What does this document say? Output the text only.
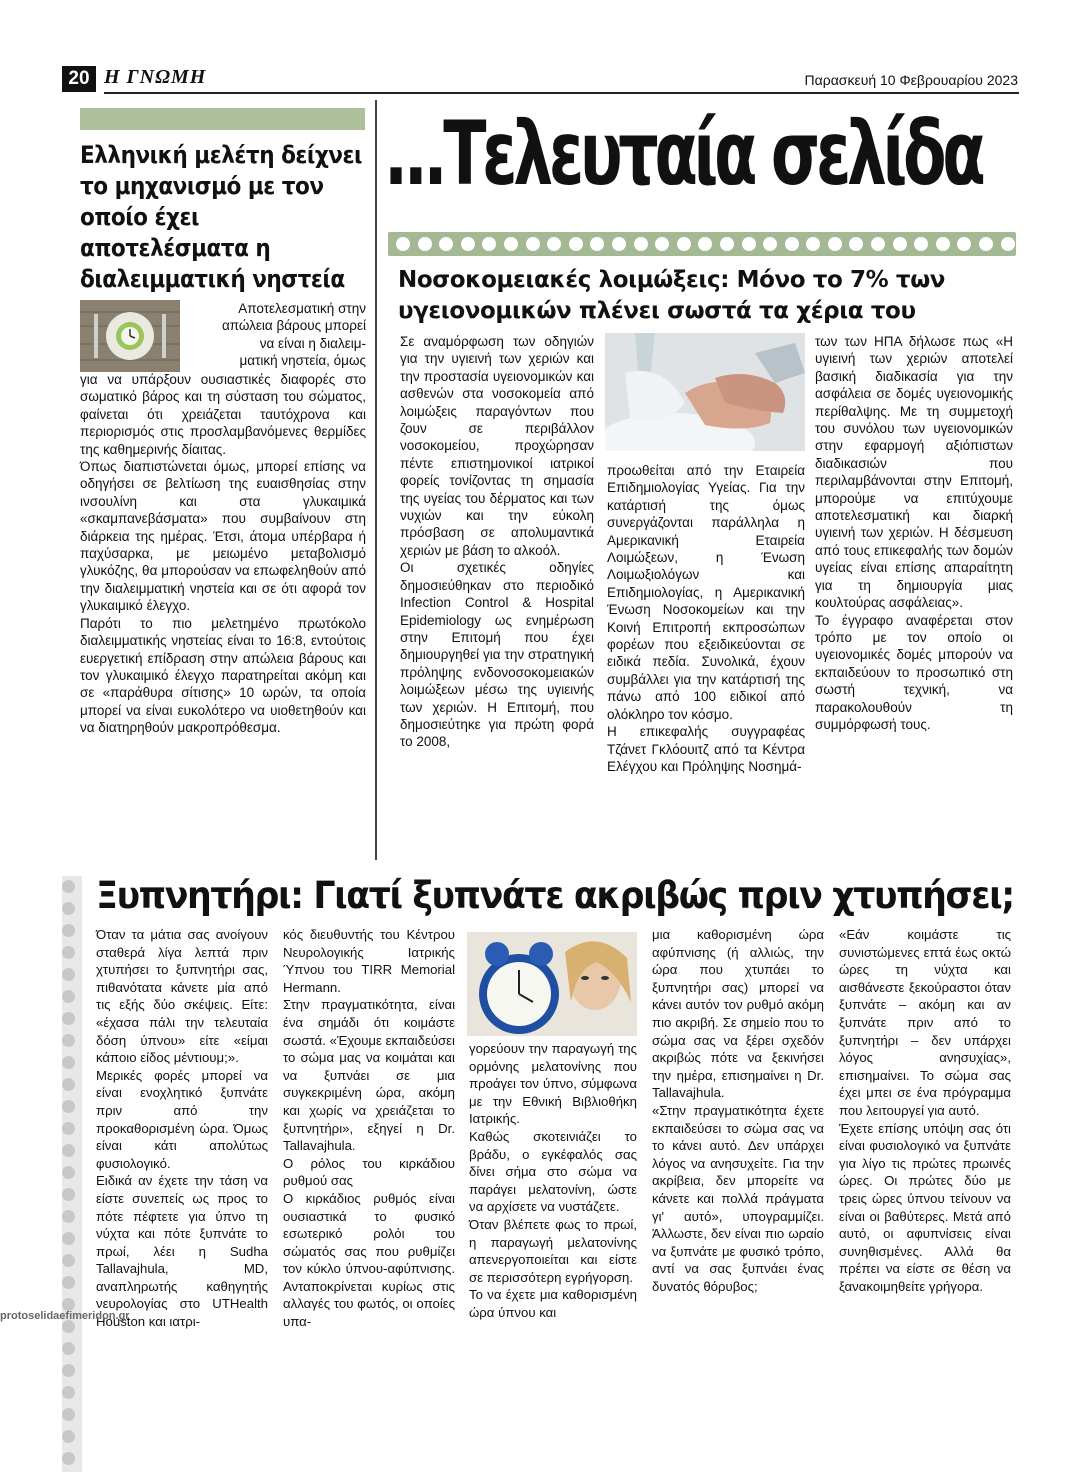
20 Η ΓΝΩΜΗ	Παρασκευή 10 Φεβρουαρίου 2023
Ελληνική μελέτη δείχνει το μηχανισμό με τον οποίο έχει αποτελέσματα η διαλειμματική νηστεία
Αποτελεσματική στην
απώλεια βάρους μπορεί
να είναι η διαλειμ-
ματική νηστεία, όμως

για να υπάρξουν ουσιαστικές διαφορές στο σωματικό βάρος και τη σύσταση του σώματος, φαίνεται ότι χρειάζεται ταυτόχρονα και περιορισμός στις προσλαμβανόμενες θερμίδες της καθημερινής δίαιτας.

Όπως διαπιστώνεται όμως, μπορεί επίσης να οδηγήσει σε βελτίωση της ευαισθησίας στην ινσουλίνη και στα γλυκαιμικά «σκαμπανεβάσματα» που συμβαίνουν στη διάρκεια της ημέρας. Έτσι, άτομα υπέρβαρα ή παχύσαρκα, με μειωμένο μεταβολισμό γλυκόζης, θα μπορούσαν να επωφεληθούν από την διαλειμματική νηστεία και σε ότι αφορά τον γλυκαιμικό έλεγχο.

Παρότι το πιο μελετημένο πρωτόκολο διαλειμματικής νηστείας είναι το 16:8, εντούτοις ευεργετική επίδραση στην απώλεια βάρους και τον γλυκαιμικό έλεγχο παρατηρείται ακόμη και σε «παράθυρα σίτισης» 10 ωρών, τα οποία μπορεί να είναι ευκολότερο να υιοθετηθούν και να διατηρηθούν μακροπρόθεσμα.

...Τελευταία σελίδα
Νοσοκομειακές λοιμώξεις: Μόνο το 7% των υγειονομικών πλένει σωστά τα χέρια του

Σε αναμόρφωση των οδηγιών για την υγιεινή των χεριών και την προστασία υγειονομικών και ασθενών στα νοσοκομεία από λοιμώξεις παραγόντων που ζουν σε περιβάλλον νοσοκομείου, προχώρησαν πέντε επιστημονικοί ιατρικοί φορείς τονίζοντας τη σημασία της υγείας του δέρματος και των νυχιών και την εύκολη πρόσβαση σε απολυμαντικά χεριών με βάση το αλκοόλ.

Οι σχετικές οδηγίες δημοσιεύθηκαν στο περιοδικό Infection Control & Hospital Epidemiology ως ενημέρωση στην Επιτομή που έχει δημιουργηθεί για την στρατηγική πρόληψης ενδονοσοκομειακών λοιμώξεων μέσω της υγιεινής των χεριών. Η Επιτομή, που δημοσιεύτηκε για πρώτη φορά το 2008,

προωθείται από την Εταιρεία Επιδημιολογίας Υγείας. Για την κατάρτισή της όμως συνεργάζονται παράλληλα η Αμερικανική Εταιρεία Λοιμώξεων, η Ένωση Λοιμωξιολόγων και Επιδημιολογίας, η Αμερικανική Ένωση Νοσοκομείων και την Κοινή Επιτροπή εκπροσώπων φορέων που εξειδικεύονται σε ειδικά πεδία. Συνολικά, έχουν συμβάλλει για την κατάρτισή της πάνω από 100 ειδικοί από ολόκληρο τον κόσμο.

Η επικεφαλής συγγραφέας Τζάνετ Γκλόουιτζ από τα Κέντρα Ελέγχου και Πρόληψης Νοσημά-

των των ΗΠΑ δήλωσε πως «Η υγιεινή των χεριών αποτελεί βασική διαδικασία για την ασφάλεια σε δομές υγειονομικής περίθαλψης. Με τη συμμετοχή του συνόλου των υγειονομικών στην εφαρμογή αξιόπιστων διαδικασιών που περιλαμβάνονται στην Επιτομή, μπορούμε να επιτύχουμε αποτελεσματική και διαρκή υγιεινή των χεριών. Η δέσμευση από τους επικεφαλής των δομών υγείας είναι επίσης απαραίτητη για τη δημιουργία μιας κουλτούρας ασφάλειας».

Το έγγραφο αναφέρεται στον τρόπο με τον οποίο οι υγειονομικές δομές μπορούν να εκπαιδεύουν το προσωπικό στη σωστή τεχνική, να παρακολουθούν τη συμμόρφωσή τους.

Ξυπνητήρι: Γιατί ξυπνάτε ακριβώς πριν χτυπήσει;

Όταν τα μάτια σας ανοίγουν σταθερά λίγα λεπτά πριν χτυπήσει το ξυπνητήρι σας, πιθανότατα κάνετε μία από τις εξής δύο σκέψεις. Είτε: «έχασα πάλι την τελευταία δόση ύπνου» είτε «είμαι κάποιο είδος μέντιουμ;».

Μερικές φορές μπορεί να είναι ενοχλητικό ξυπνάτε πριν από την προκαθορισμένη ώρα. Όμως είναι κάτι απολύτως φυσιολογικό.

Ειδικά αν έχετε την τάση να είστε συνεπείς ως προς το πότε πέφτετε για ύπνο τη νύχτα και πότε ξυπνάτε το πρωί, λέει η Sudha Tallavajhula, MD, αναπληρωτής καθηγητής νευρολογίας στο UTHealth Houston και ιατρι-

κός διευθυντής του Κέντρου Νευρολογικής Ιατρικής Ύπνου του TIRR Memorial Hermann.

Στην πραγματικότητα, είναι ένα σημάδι ότι κοιμάστε σωστά. «Έχουμε εκπαιδεύσει το σώμα μας να κοιμάται και να ξυπνάει σε μια συγκεκριμένη ώρα, ακόμη και χωρίς να χρειάζεται το ξυπνητήρι», εξηγεί η Dr. Tallavajhula.

Ο ρόλος του κιρκάδιου ρυθμού σας

Ο κιρκάδιος ρυθμός είναι ουσιαστικά το φυσικό εσωτερικό ρολόι του σώματός σας που ρυθμίζει τον κύκλο ύπνου-αφύπνισης. Ανταποκρίνεται κυρίως στις αλλαγές του φωτός, οι οποίες υπα-

γορεύουν την παραγωγή της ορμόνης μελατονίνης που προάγει τον ύπνο, σύμφωνα με την Εθνική Βιβλιοθήκη Ιατρικής.

Καθώς σκοτεινιάζει το βράδυ, ο εγκέφαλός σας δίνει σήμα στο σώμα να παράγει μελατονίνη, ώστε να αρχίσετε να νυστάζετε.

Όταν βλέπετε φως το πρωί, η παραγωγή μελατονίνης απενεργοποιείται και είστε σε περισσότερη εγρήγορση.

Το να έχετε μια καθορισμένη ώρα ύπνου και

μια καθορισμένη ώρα αφύπνισης (ή αλλιώς, την ώρα που χτυπάει το ξυπνητήρι σας) μπορεί να κάνει αυτόν τον ρυθμό ακόμη πιο ακριβή. Σε σημείο που το σώμα σας να ξέρει σχεδόν ακριβώς πότε να ξεκινήσει την ημέρα, επισημαίνει η Dr. Tallavajhula.

«Στην πραγματικότητα έχετε εκπαιδεύσει το σώμα σας να το κάνει αυτό. Δεν υπάρχει λόγος να ανησυχείτε. Για την ακρίβεια, δεν μπορείτε να κάνετε και πολλά πράγματα γι' αυτό», υπογραμμίζει. Άλλωστε, δεν είναι πιο ωραίο να ξυπνάτε με φυσικό τρόπο, αντί να σας ξυπνάει ένας δυνατός θόρυβος;

«Εάν κοιμάστε τις συνιστώμενες επτά έως οκτώ ώρες τη νύχτα και αισθάνεστε ξεκούραστοι όταν ξυπνάτε – ακόμη και αν ξυπνάτε πριν από το ξυπνητήρι – δεν υπάρχει λόγος ανησυχίας», επισημαίνει. Το σώμα σας έχει μπει σε ένα πρόγραμμα που λειτουργεί για αυτό.

Έχετε επίσης υπόψη σας ότι είναι φυσιολογικό να ξυπνάτε για λίγο τις πρώτες πρωινές ώρες. Οι πρώτες δύο με τρεις ώρες ύπνου τείνουν να είναι οι βαθύτερες. Μετά από αυτό, οι αφυπνίσεις είναι συνηθισμένες. Αλλά θα πρέπει να είστε σε θέση να ξανακοιμηθείτε γρήγορα.

protoselidaefimeridon.gr
